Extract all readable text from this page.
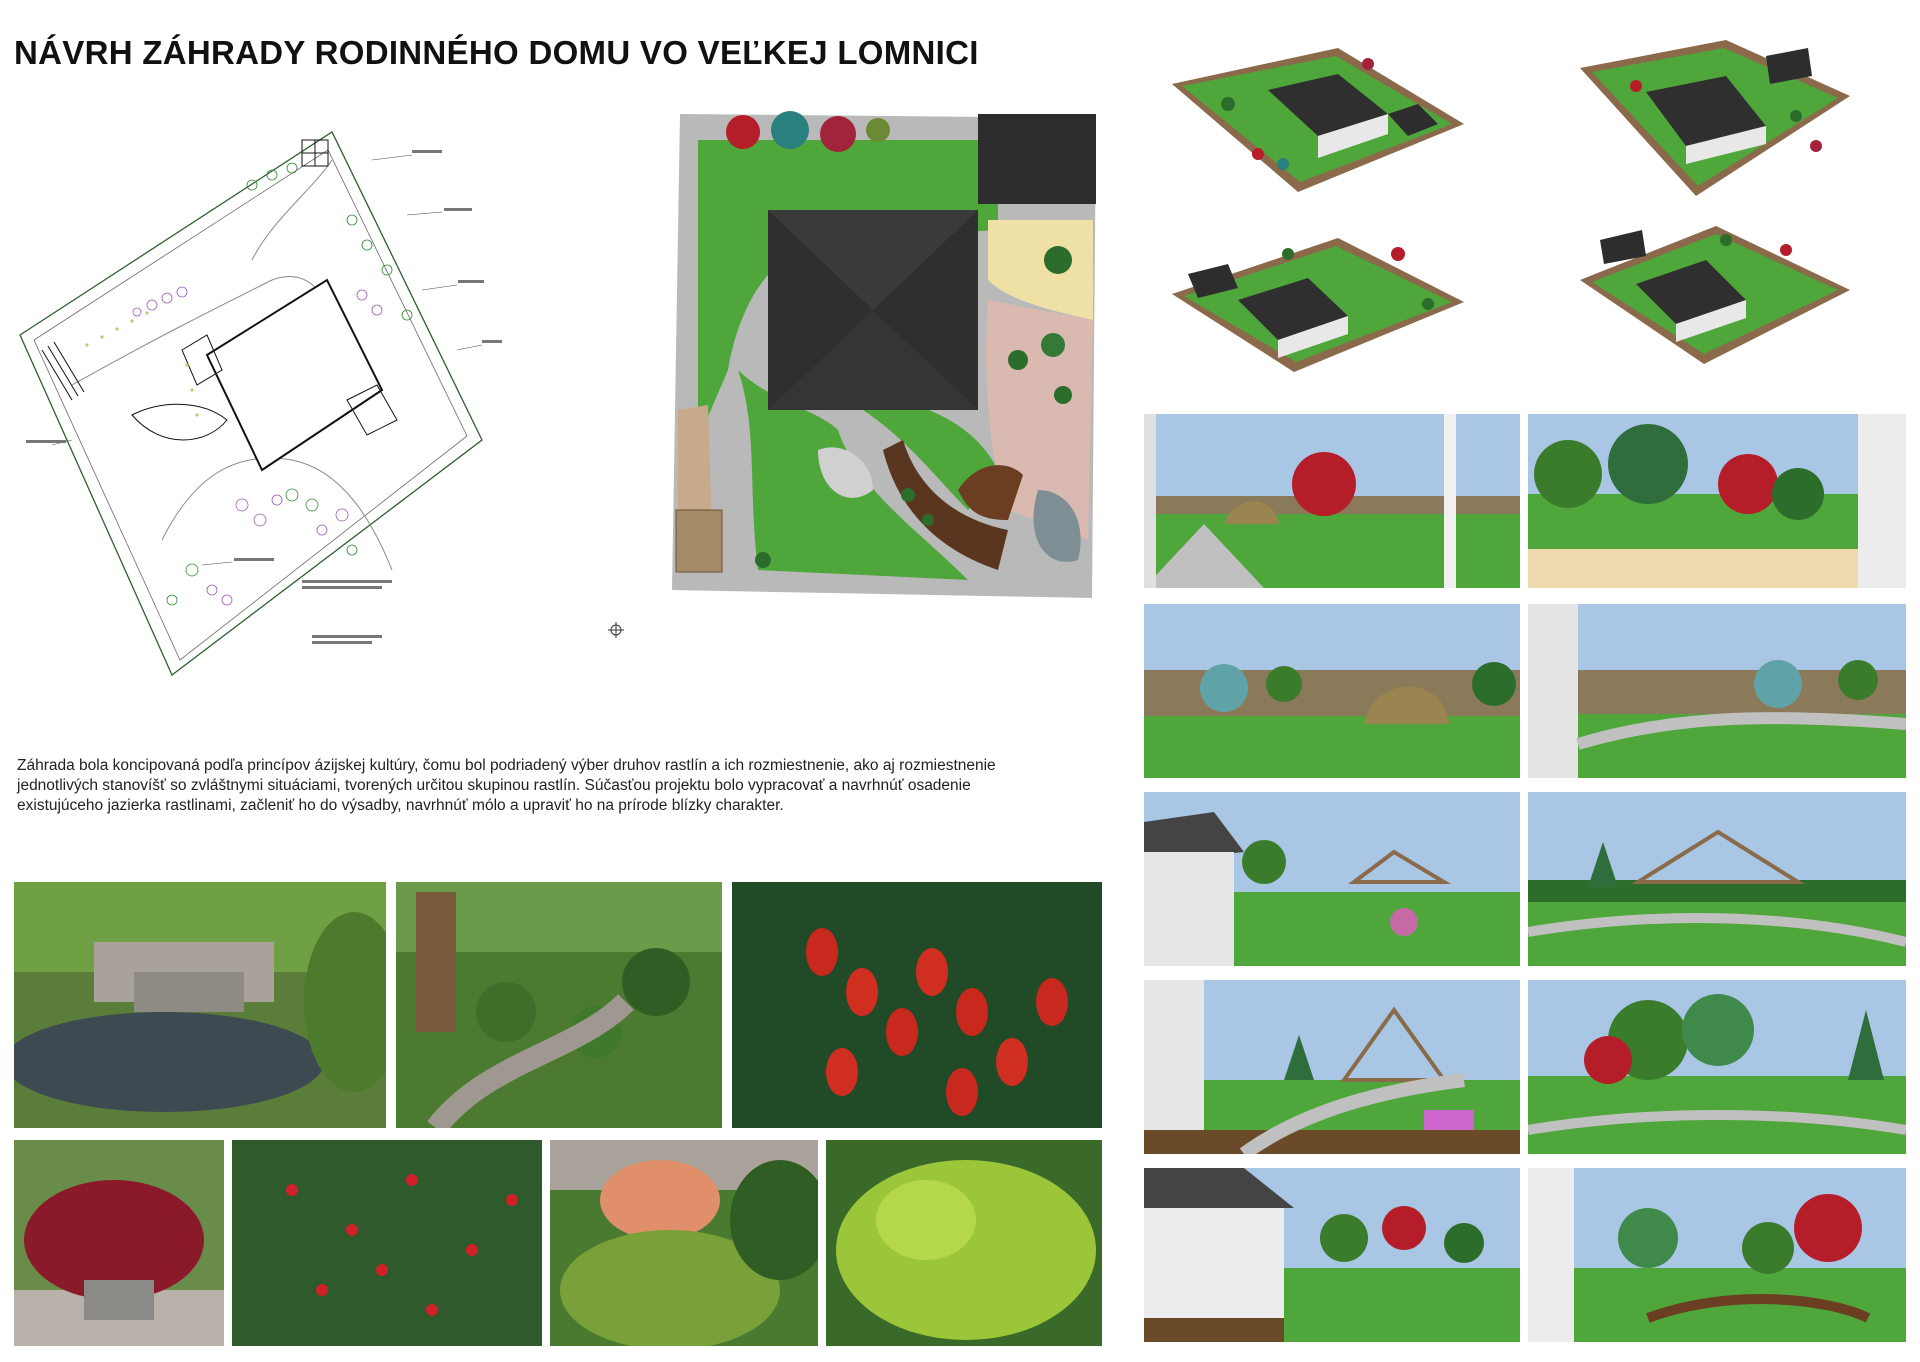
NÁVRH ZÁHRADY RODINNÉHO DOMU VO VEĽKEJ LOMNICI

Záhrada bola koncipovaná podľa princípov ázijskej kultúry, čomu bol podriadený výber druhov rastlín a ich rozmiestnenie, ako aj rozmiestnenie

jednotlivých stanovíšť so zvláštnymi situáciami, tvorených určitou skupinou rastlín. Súčasťou projektu bolo vypracovať a navrhnúť osadenie

existujúceho jazierka rastlinami, začleniť ho do výsadby, navrhnúť mólo a upraviť ho na prírode blízky charakter.
